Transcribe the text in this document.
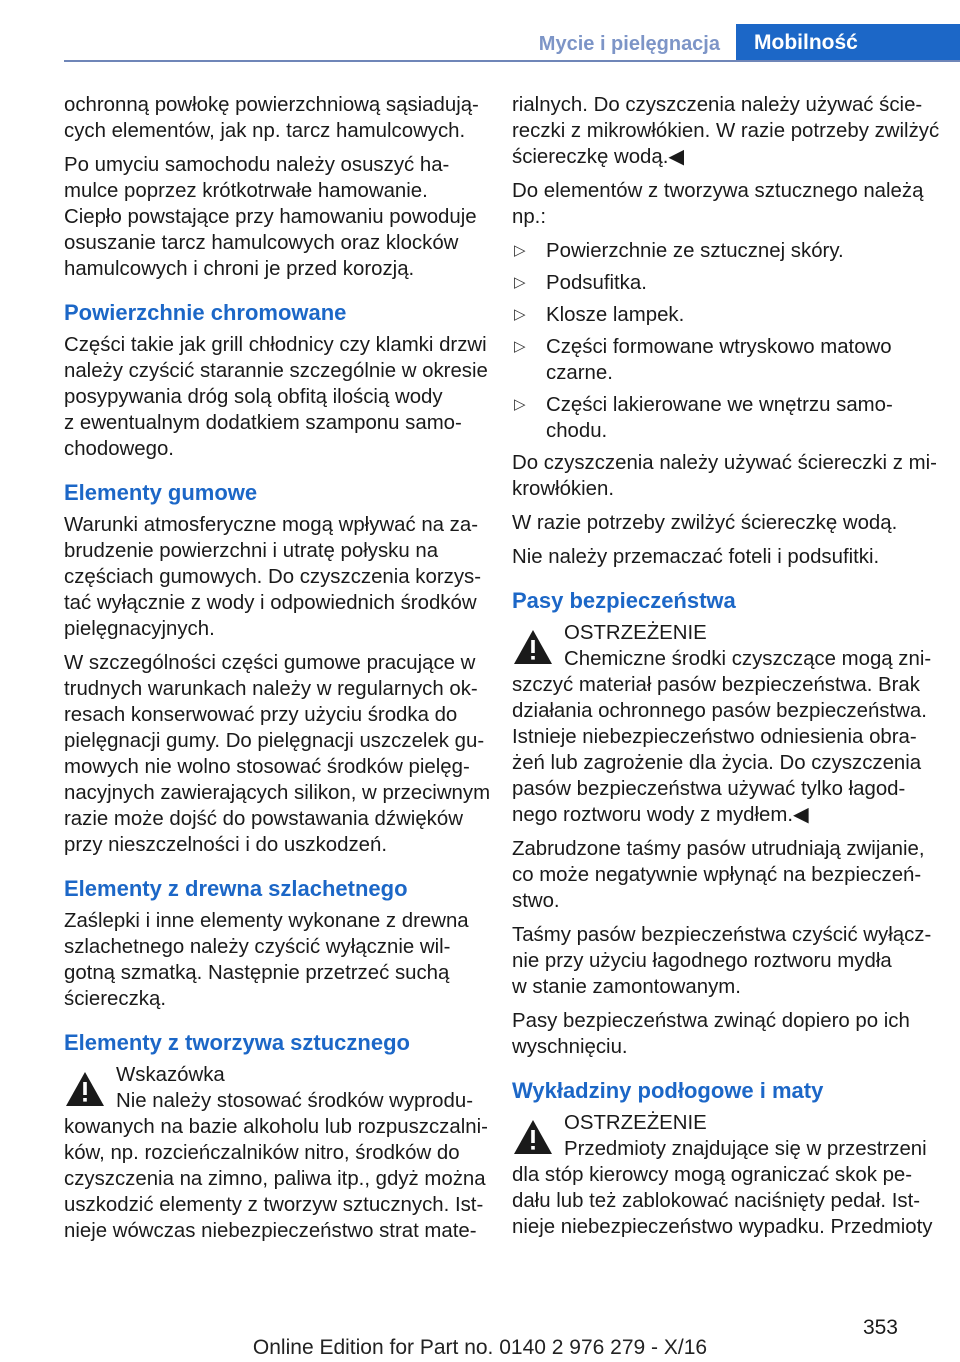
Mycie i pielęgnacja	Mobilność
ochronną powłokę powierzchniową sąsiadują‐
cych elementów, jak np. tarcz hamulcowych.
Po umyciu samochodu należy osuszyć ha‐
mulce poprzez krótkotrwałe hamowanie.
Ciepło powstające przy hamowaniu powoduje
osuszanie tarcz hamulcowych oraz klocków
hamulcowych i chroni je przed korozją.
Powierzchnie chromowane
Części takie jak grill chłodnicy czy klamki drzwi
należy czyścić starannie szczególnie w okresie
posypywania dróg solą obfitą ilością wody
z ewentualnym dodatkiem szamponu samo‐
chodowego.
Elementy gumowe
Warunki atmosferyczne mogą wpływać na za‐
brudzenie powierzchni i utratę połysku na
częściach gumowych. Do czyszczenia korzys‐
tać wyłącznie z wody i odpowiednich środków
pielęgnacyjnych.
W szczególności części gumowe pracujące w
trudnych warunkach należy w regularnych ok‐
resach konserwować przy użyciu środka do
pielęgnacji gumy. Do pielęgnacji uszczelek gu‐
mowych nie wolno stosować środków pielęg‐
nacyjnych zawierających silikon, w przeciwnym
razie może dojść do powstawania dźwięków
przy nieszczelności i do uszkodzeń.
Elementy z drewna szlachetnego
Zaślepki i inne elementy wykonane z drewna
szlachetnego należy czyścić wyłącznie wil‐
gotną szmatką. Następnie przetrzeć suchą
ściereczką.
Elementy z tworzywa sztucznego
Wskazówka
Nie należy stosować środków wyprodu‐
kowanych na bazie alkoholu lub rozpuszczalni‐
ków, np. rozcieńczalników nitro, środków do
czyszczenia na zimno, paliwa itp., gdyż można
uszkodzić elementy z tworzyw sztucznych. Ist‐
nieje wówczas niebezpieczeństwo strat mate‐
rialnych. Do czyszczenia należy używać ście‐
reczki z mikrowłókien. W razie potrzeby zwilżyć
ściereczkę wodą.◀
Do elementów z tworzywa sztucznego należą
np.:
▷ Powierzchnie ze sztucznej skóry.
▷ Podsufitka.
▷ Klosze lampek.
▷ Części formowane wtryskowo matowo
czarne.
▷ Części lakierowane we wnętrzu samo‐
chodu.
Do czyszczenia należy używać ściereczki z mi‐
krowłókien.
W razie potrzeby zwilżyć ściereczkę wodą.
Nie należy przemaczać foteli i podsufitki.
Pasy bezpieczeństwa
OSTRZEŻENIE
Chemiczne środki czyszczące mogą zni‐
szczyć materiał pasów bezpieczeństwa. Brak
działania ochronnego pasów bezpieczeństwa.
Istnieje niebezpieczeństwo odniesienia obra‐
żeń lub zagrożenie dla życia. Do czyszczenia
pasów bezpieczeństwa używać tylko łagod‐
nego roztworu wody z mydłem.◀
Zabrudzone taśmy pasów utrudniają zwijanie,
co może negatywnie wpłynąć na bezpieczeń‐
stwo.
Taśmy pasów bezpieczeństwa czyścić wyłącz‐
nie przy użyciu łagodnego roztworu mydła
w stanie zamontowanym.
Pasy bezpieczeństwa zwinąć dopiero po ich
wyschnięciu.
Wykładziny podłogowe i maty
OSTRZEŻENIE
Przedmioty znajdujące się w przestrzeni
dla stóp kierowcy mogą ograniczać skok pe‐
dału lub też zablokować naciśnięty pedał. Ist‐
nieje niebezpieczeństwo wypadku. Przedmioty
353
Online Edition for Part no. 0140 2 976 279 - X/16
